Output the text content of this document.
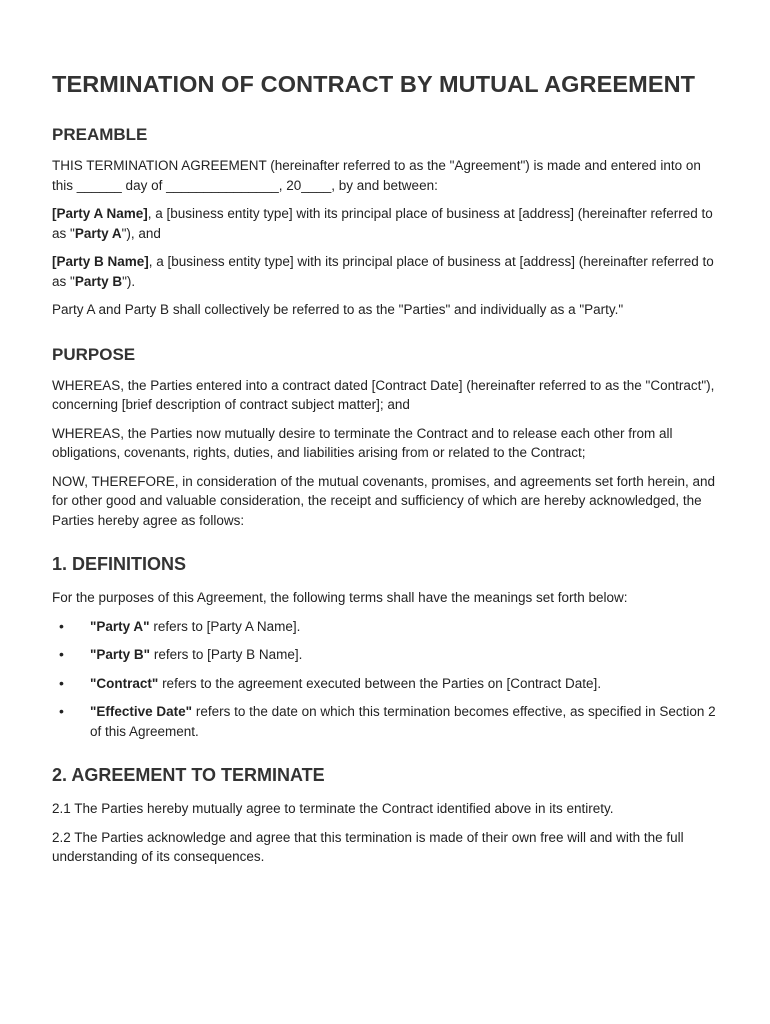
TERMINATION OF CONTRACT BY MUTUAL AGREEMENT
PREAMBLE

THIS TERMINATION AGREEMENT (hereinafter referred to as the "Agreement") is made and entered into on this ______ day of _______________, 20____, by and between:

[Party A Name], a [business entity type] with its principal place of business at [address] (hereinafter referred to as "Party A"), and

[Party B Name], a [business entity type] with its principal place of business at [address] (hereinafter referred to as "Party B").

Party A and Party B shall collectively be referred to as the "Parties" and individually as a "Party."

PURPOSE

WHEREAS, the Parties entered into a contract dated [Contract Date] (hereinafter referred to as the "Contract"), concerning [brief description of contract subject matter]; and

WHEREAS, the Parties now mutually desire to terminate the Contract and to release each other from all obligations, covenants, rights, duties, and liabilities arising from or related to the Contract;

NOW, THEREFORE, in consideration of the mutual covenants, promises, and agreements set forth herein, and for other good and valuable consideration, the receipt and sufficiency of which are hereby acknowledged, the Parties hereby agree as follows:

1. DEFINITIONS

For the purposes of this Agreement, the following terms shall have the meanings set forth below:

• "Party A" refers to [Party A Name].
• "Party B" refers to [Party B Name].
• "Contract" refers to the agreement executed between the Parties on [Contract Date].
• "Effective Date" refers to the date on which this termination becomes effective, as specified in Section 2 of this Agreement.
2. AGREEMENT TO TERMINATE

2.1 The Parties hereby mutually agree to terminate the Contract identified above in its entirety.

2.2 The Parties acknowledge and agree that this termination is made of their own free will and with the full understanding of its consequences.
